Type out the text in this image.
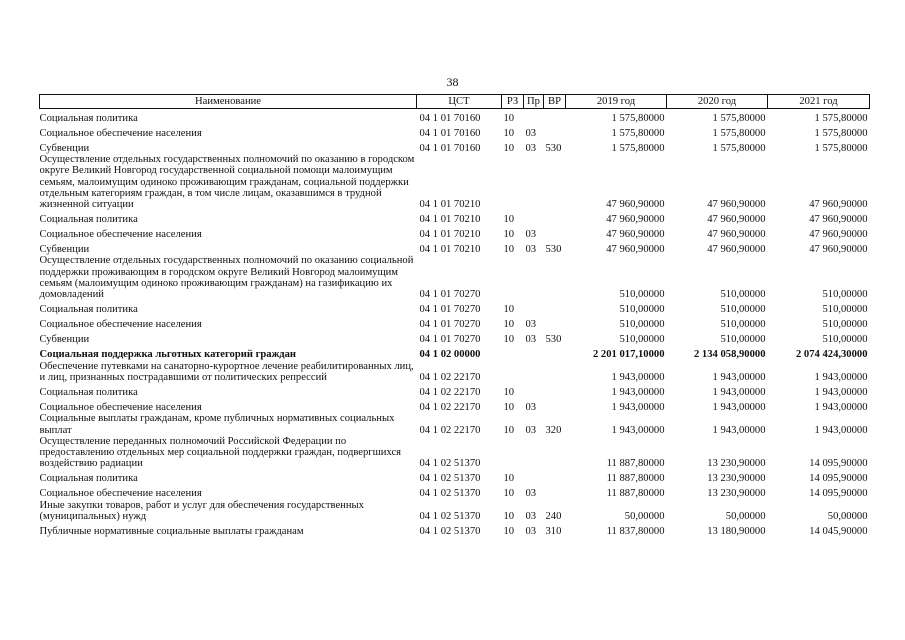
38
Наименование	ЦСТ	РЗ	Пр	ВР	2019 год	2020 год	2021 год
Социальная политика	04 1 01 70160	10			1 575,80000	1 575,80000	1 575,80000
Социальное обеспечение населения	04 1 01 70160	10	03		1 575,80000	1 575,80000	1 575,80000
Субвенции	04 1 01 70160	10	03	530	1 575,80000	1 575,80000	1 575,80000
Осуществление отдельных государственных полномочий по оказанию в городском округе Великий Новгород государственной социальной помощи малоимущим семьям, малоимущим одиноко проживающим гражданам, социальной поддержки отдельным категориям граждан, в том числе лицам, оказавшимся в трудной жизненной ситуации	04 1 01 70210				47 960,90000	47 960,90000	47 960,90000
Социальная политика	04 1 01 70210	10			47 960,90000	47 960,90000	47 960,90000
Социальное обеспечение населения	04 1 01 70210	10	03		47 960,90000	47 960,90000	47 960,90000
Субвенции	04 1 01 70210	10	03	530	47 960,90000	47 960,90000	47 960,90000
Осуществление отдельных государственных полномочий по оказанию социальной поддержки проживающим в городском округе Великий Новгород малоимущим семьям (малоимущим одиноко проживающим гражданам) на газификацию их домовладений	04 1 01 70270				510,00000	510,00000	510,00000
Социальная политика	04 1 01 70270	10			510,00000	510,00000	510,00000
Социальное обеспечение населения	04 1 01 70270	10	03		510,00000	510,00000	510,00000
Субвенции	04 1 01 70270	10	03	530	510,00000	510,00000	510,00000
Социальная поддержка льготных категорий граждан	04 1 02 00000				2 201 017,10000	2 134 058,90000	2 074 424,30000
Обеспечение путевками на санаторно-курортное лечение реабилитированных лиц, и лиц, признанных пострадавшими от политических репрессий	04 1 02 22170				1 943,00000	1 943,00000	1 943,00000
Социальная политика	04 1 02 22170	10			1 943,00000	1 943,00000	1 943,00000
Социальное обеспечение населения	04 1 02 22170	10	03		1 943,00000	1 943,00000	1 943,00000
Социальные выплаты гражданам, кроме публичных нормативных социальных выплат	04 1 02 22170	10	03	320	1 943,00000	1 943,00000	1 943,00000
Осуществление переданных полномочий Российской Федерации по предоставлению отдельных мер социальной поддержки граждан, подвергшихся воздействию радиации	04 1 02 51370				11 887,80000	13 230,90000	14 095,90000
Социальная политика	04 1 02 51370	10			11 887,80000	13 230,90000	14 095,90000
Социальное обеспечение населения	04 1 02 51370	10	03		11 887,80000	13 230,90000	14 095,90000
Иные закупки товаров, работ и услуг для обеспечения государственных (муниципальных) нужд	04 1 02 51370	10	03	240	50,00000	50,00000	50,00000
Публичные нормативные социальные выплаты гражданам	04 1 02 51370	10	03	310	11 837,80000	13 180,90000	14 045,90000
